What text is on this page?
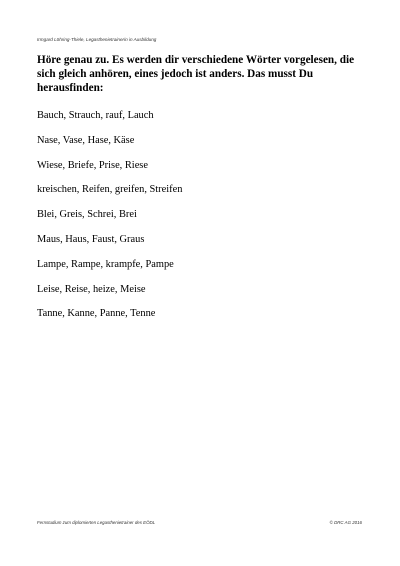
Irmgard Löhring-Thiele, Legasthenietrainerin in Ausbildung

Höre genau zu. Es werden dir verschiedene Wörter vorgelesen, die sich gleich anhören, eines jedoch ist anders. Das musst Du herausfinden:

Bauch, Strauch, rauf, Lauch
Nase, Vase, Hase, Käse
Wiese, Briefe, Prise, Riese
kreischen, Reifen, greifen, Streifen
Blei, Greis, Schrei, Brei
Maus, Haus, Faust, Graus
Lampe, Rampe, krampfe, Pampe
Leise, Reise, heize, Meise
Tanne, Kanne, Panne, Tenne
Fernstudium zum diplomierten Legasthenietrainer des EÖDL	© DRC AG 2016
